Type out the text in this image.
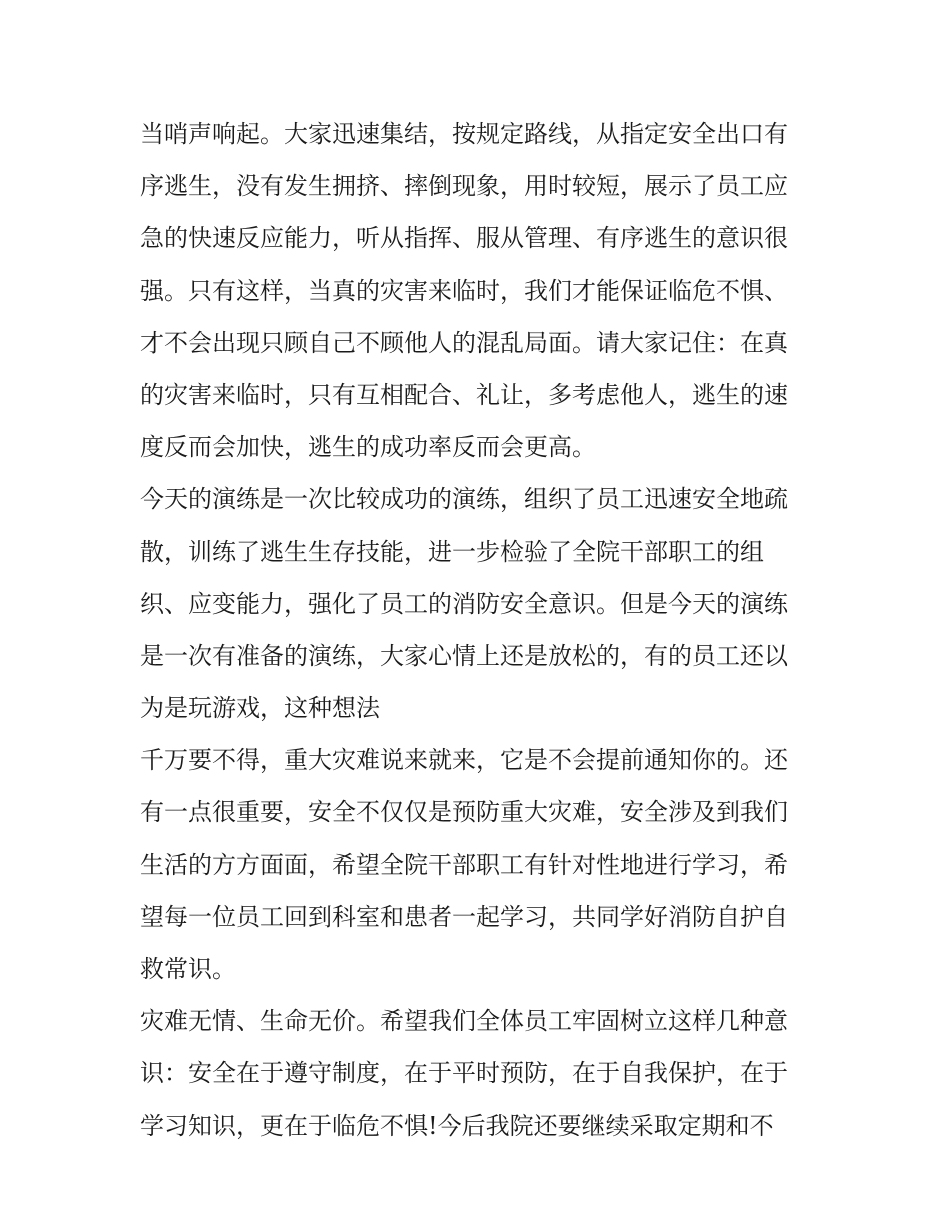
当哨声响起。大家迅速集结，按规定路线，从指定安全出口有
序逃生，没有发生拥挤、摔倒现象，用时较短，展示了员工应
急的快速反应能力，听从指挥、服从管理、有序逃生的意识很
强。只有这样，当真的灾害来临时，我们才能保证临危不惧、
才不会出现只顾自己不顾他人的混乱局面。请大家记住：在真
的灾害来临时，只有互相配合、礼让，多考虑他人，逃生的速
度反而会加快，逃生的成功率反而会更高。
今天的演练是一次比较成功的演练，组织了员工迅速安全地疏
散，训练了逃生生存技能，进一步检验了全院干部职工的组
织、应变能力，强化了员工的消防安全意识。但是今天的演练
是一次有准备的演练，大家心情上还是放松的，有的员工还以
为是玩游戏，这种想法
千万要不得，重大灾难说来就来，它是不会提前通知你的。还
有一点很重要，安全不仅仅是预防重大灾难，安全涉及到我们
生活的方方面面，希望全院干部职工有针对性地进行学习，希
望每一位员工回到科室和患者一起学习，共同学好消防自护自
救常识。
灾难无情、生命无价。希望我们全体员工牢固树立这样几种意
识：安全在于遵守制度，在于平时预防，在于自我保护，在于
学习知识，更在于临危不惧!今后我院还要继续采取定期和不
